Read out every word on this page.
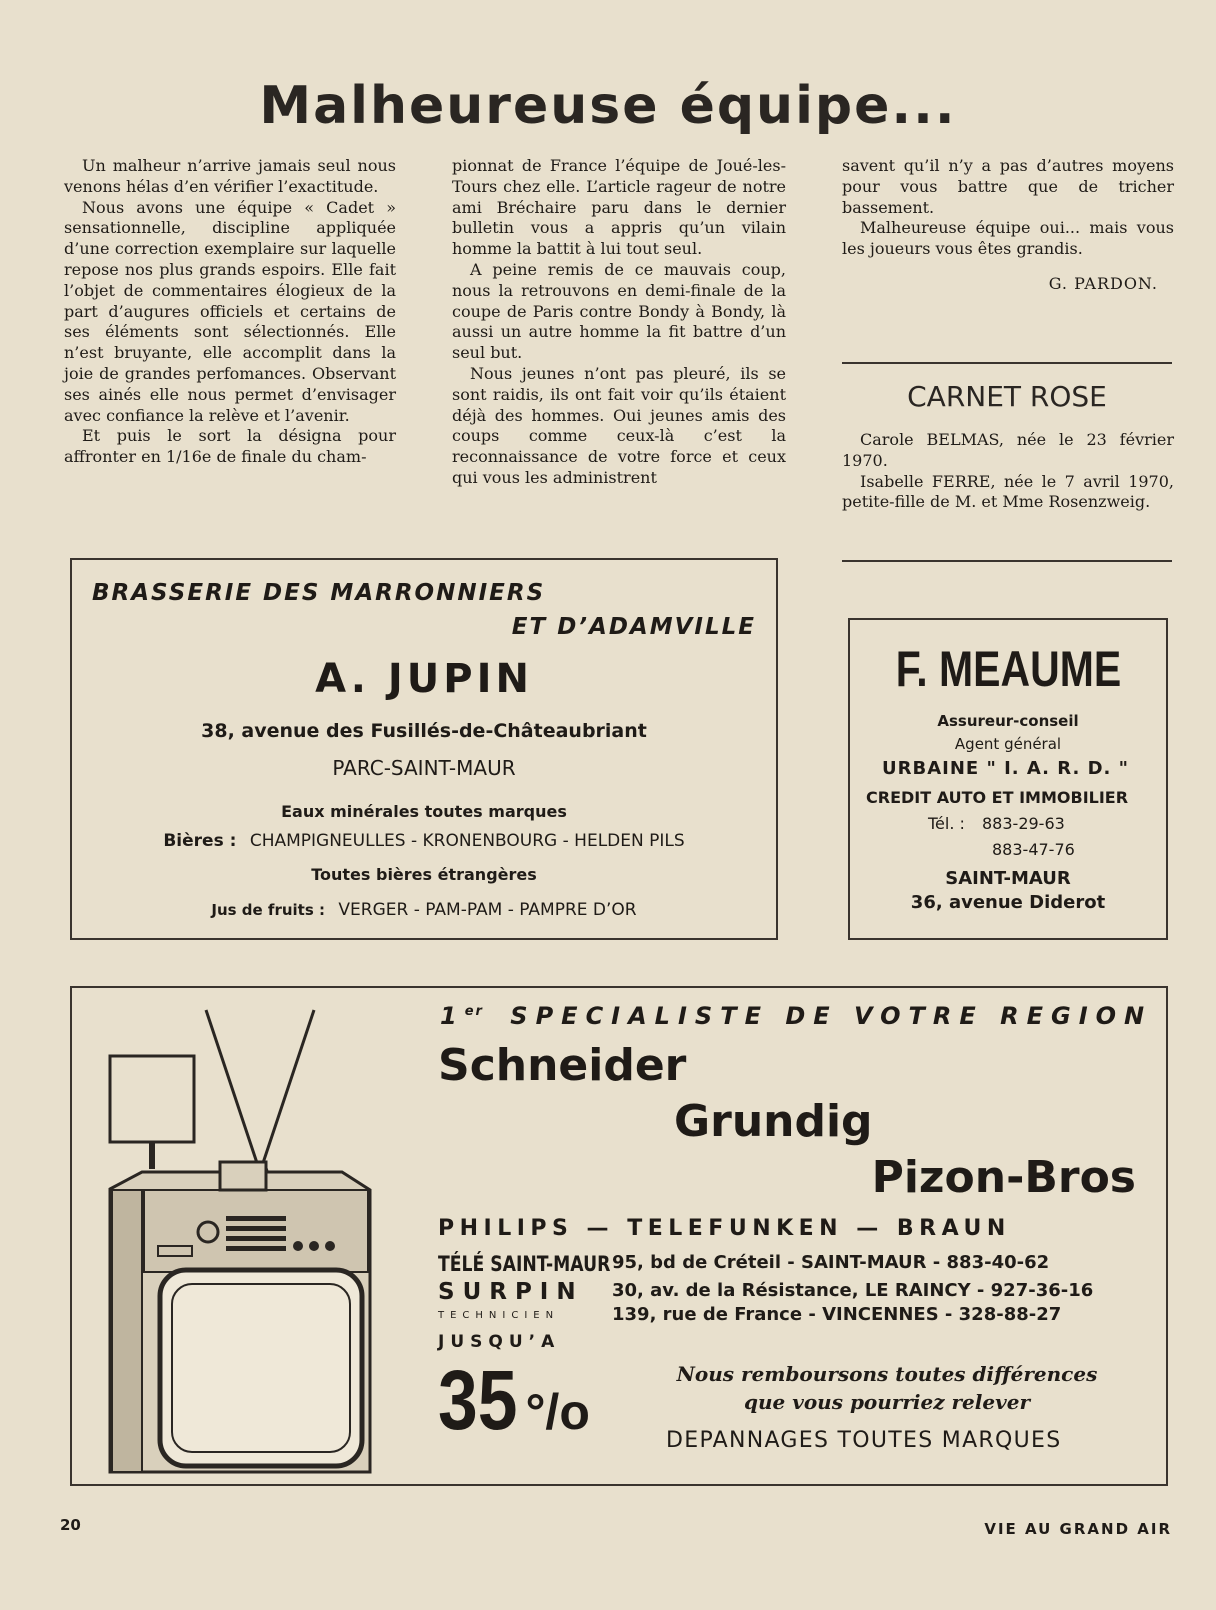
Malheureuse équipe...

Un malheur n’arrive jamais seul nous venons hélas d’en vérifier l’exactitude.

Nous avons une équipe « Cadet » sensationnelle, discipline appliquée d’une correction exemplaire sur laquelle repose nos plus grands espoirs. Elle fait l’objet de commentaires élogieux de la part d’augures officiels et certains de ses éléments sont sélectionnés. Elle n’est bruyante, elle accomplit dans la joie de grandes perfomances. Observant ses ainés elle nous permet d’envisager avec confiance la relève et l’avenir.

Et puis le sort la désigna pour affronter en 1/16e de finale du cham-

pionnat de France l’équipe de Joué-les-Tours chez elle. L’article rageur de notre ami Bréchaire paru dans le dernier bulletin vous a appris qu’un vilain homme la battit à lui tout seul.

A peine remis de ce mauvais coup, nous la retrouvons en demi-finale de la coupe de Paris contre Bondy à Bondy, là aussi un autre homme la fit battre d’un seul but.

Nous jeunes n’ont pas pleuré, ils se sont raidis, ils ont fait voir qu’ils étaient déjà des hommes. Oui jeunes amis des coups comme ceux-là c’est la reconnaissance de votre force et ceux qui vous les administrent

savent qu’il n’y a pas d’autres moyens pour vous battre que de tricher bassement.

Malheureuse équipe oui... mais vous les joueurs vous êtes grandis.

G. PARDON.

CARNET ROSE

Carole BELMAS, née le 23 février 1970.

Isabelle FERRE, née le 7 avril 1970, petite-fille de M. et Mme Rosenzweig.

BRASSERIE DES MARRONNIERS
ET D’ADAMVILLE
A. JUPIN
38, avenue des Fusillés-de-Châteaubriant
PARC-SAINT-MAUR
Eaux minérales toutes marques
Bières : CHAMPIGNEULLES - KRONENBOURG - HELDEN PILS
Toutes bières étrangères
Jus de fruits : VERGER - PAM-PAM - PAMPRE D’OR
F. MEAUME
Assureur-conseil
Agent général
URBAINE " I. A. R. D. "
CREDIT AUTO ET IMMOBILIER
Tél. : 883-29-63
883-47-76
SAINT-MAUR
36, avenue Diderot
1er SPECIALISTE DE VOTRE REGION
Schneider
Grundig
Pizon-Bros
PHILIPS — TELEFUNKEN — BRAUN
TÉLÉ SAINT-MAUR 95, bd de Créteil - SAINT-MAUR - 883-40-62
SURPIN 30, av. de la Résistance, LE RAINCY - 927-36-16
TECHNICIEN	139, rue de France - VINCENNES - 328-88-27
JUSQU’A
35 °/o
Nous remboursons toutes différences
que vous pourriez relever
DEPANNAGES TOUTES MARQUES
20	VIE AU GRAND AIR
